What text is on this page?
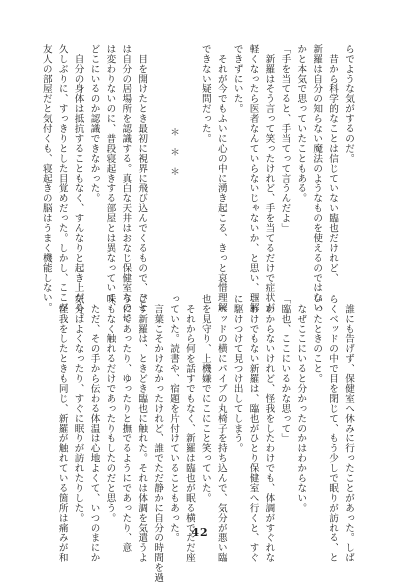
らでような気がするのだ。
　昔から科学的なことは信じていない臨也だけれど、
新羅は自分の知らない魔法のようなものを使えるのではない
かと本気で思っていたこともある。
「手を当てると、手当てって言うんだよ」
　新羅はそう言って笑ったけれど、手を当てるだけで症状が
軽くなったら医者なんていらないじゃないか、と思い、理解
できずにいた。
　それが今でもふいに心の中に湧き起こる、きっと哀惜理解
できない疑問だった。

＊　＊　＊

　目を開けたとき最初に視界に飛び込んでくるもので、ひと
は自分の居場所を認識する。真白な天井はおなじ保健室なのに
は変わりないのに、普段寝起きする部屋とは異なっていて、
どこにいるのか認識できなかった。
　自分の身体は抵抗することもなく、すんなりと起き上がる。
久しぶりに、すっきりとした目覚めだった。しかし、ここが
友人の部屋だと気付くも、寝起きの脳はうまく機能しない。
　誰にも告げず、保健室へ休みに行ったことがあった。しば
らくベッドの中で目を閉じて、もう少しで眠りが訪れる、と
いったときのこと。
　なぜここにいると分かったのかはわからない。
「臨也、ここにいるかな思って」
　わからないけれど、怪我をしたわけでも、体調がすぐれな
いわけでもない新羅は、臨也がひとり保健室へ行くと、すぐ
に駆けつけて見つけ出してしまう。
　ベッドの横にパイプの丸椅子を持ち込んで、気分が悪い臨
也を見守り、上機嫌でにこにこと笑っていた。
　それから何を話すでもなく、新羅は臨也が眠る横でただ座
っていた。読書や、宿題を片付けていることもあった。
　言葉こそかけなかったけれど、誰でただ静かに自分の時間を過
ごす新羅は、ときどき臨也に触れた。それは体調を気遣うよ
うにであったり、ゆったりと撫でるようにであったり、意
味もなく触れるだけであったりもしたのだと思う。
　ただ、その手から伝わる体温は心地よくて、いつのまにか
気分はよくなったり、すぐに眠りが訪れたりした。
　怪我をしたときも同じ、新羅が触れている箇所は痛みが和	42
